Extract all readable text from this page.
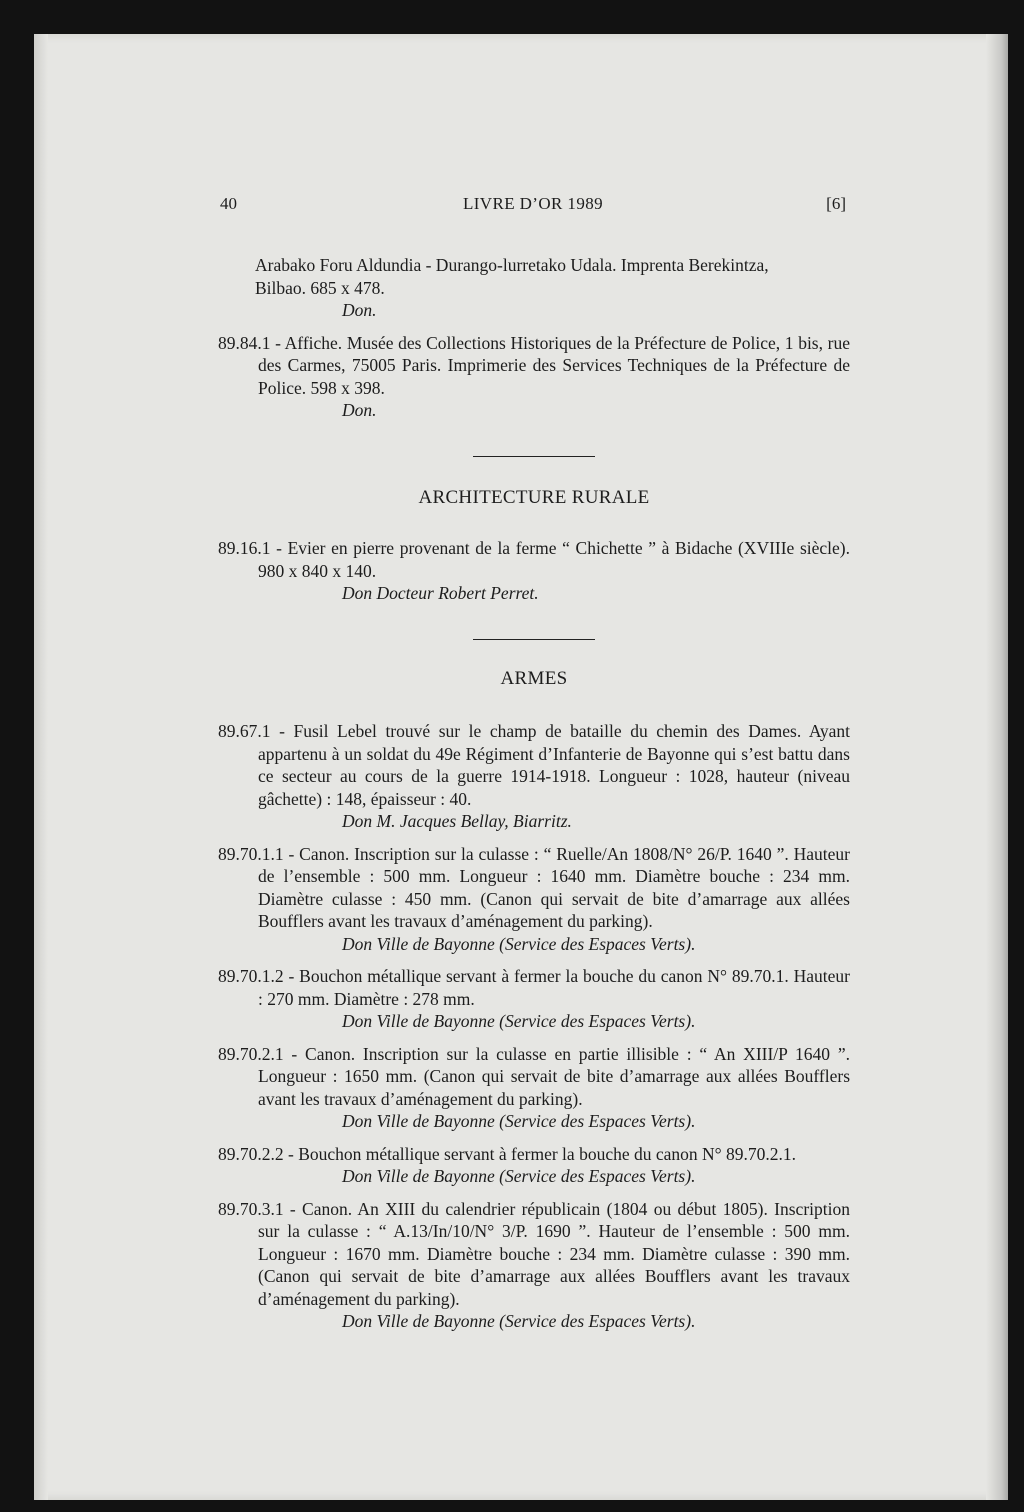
40	LIVRE D’OR 1989	[6]
Arabako Foru Aldundia - Durango-lurretako Udala. Imprenta Berekintza,
Bilbao. 685 x 478.
Don.
89.84.1 - Affiche. Musée des Collections Historiques de la Préfecture de Police, 1 bis, rue des Carmes, 75005 Paris. Imprimerie des Services Techniques de la Préfecture de Police. 598 x 398.
Don.
ARCHITECTURE RURALE
89.16.1 - Evier en pierre provenant de la ferme “ Chichette ” à Bidache (XVIIIe siècle). 980 x 840 x 140.
Don Docteur Robert Perret.
ARMES
89.67.1 - Fusil Lebel trouvé sur le champ de bataille du chemin des Dames. Ayant appartenu à un soldat du 49e Régiment d’Infanterie de Bayonne qui s’est battu dans ce secteur au cours de la guerre 1914-1918. Longueur : 1028, hauteur (niveau gâchette) : 148, épaisseur : 40.
Don M. Jacques Bellay, Biarritz.
89.70.1.1 - Canon. Inscription sur la culasse : “ Ruelle/An 1808/N° 26/P. 1640 ”. Hauteur de l’ensemble : 500 mm. Longueur : 1640 mm. Diamètre bouche : 234 mm. Diamètre culasse : 450 mm. (Canon qui servait de bite d’amarrage aux allées Boufflers avant les travaux d’aménagement du parking).
Don Ville de Bayonne (Service des Espaces Verts).
89.70.1.2 - Bouchon métallique servant à fermer la bouche du canon N° 89.70.1. Hauteur : 270 mm. Diamètre : 278 mm.
Don Ville de Bayonne (Service des Espaces Verts).
89.70.2.1 - Canon. Inscription sur la culasse en partie illisible : “ An XIII/P 1640 ”. Longueur : 1650 mm. (Canon qui servait de bite d’amarrage aux allées Boufflers avant les travaux d’aménagement du parking).
Don Ville de Bayonne (Service des Espaces Verts).
89.70.2.2 - Bouchon métallique servant à fermer la bouche du canon N° 89.70.2.1.
Don Ville de Bayonne (Service des Espaces Verts).
89.70.3.1 - Canon. An XIII du calendrier républicain (1804 ou début 1805). Inscription sur la culasse : “ A.13/In/10/N° 3/P. 1690 ”. Hauteur de l’ensemble : 500 mm. Longueur : 1670 mm. Diamètre bouche : 234 mm. Diamètre culasse : 390 mm. (Canon qui servait de bite d’amarrage aux allées Boufflers avant les travaux d’aménagement du parking).
Don Ville de Bayonne (Service des Espaces Verts).
